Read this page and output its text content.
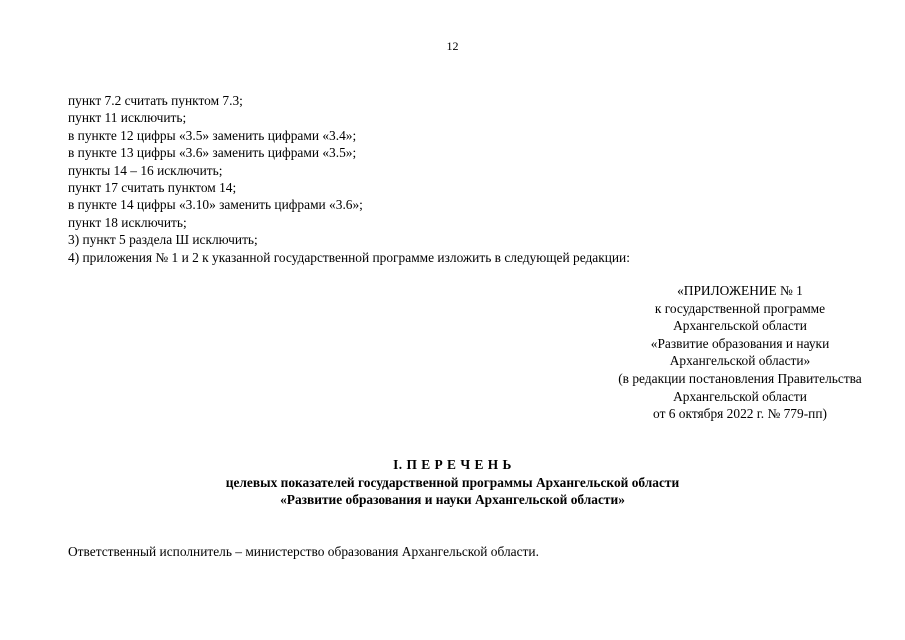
12
пункт 7.2 считать пунктом 7.3;
пункт 11 исключить;
в пункте 12 цифры «3.5» заменить цифрами «3.4»;
в пункте 13 цифры «3.6» заменить цифрами «3.5»;
пункты 14 – 16 исключить;
пункт 17 считать пунктом 14;
в пункте 14 цифры «3.10» заменить цифрами «3.6»;
пункт 18 исключить;
3) пункт 5 раздела Ш исключить;
4) приложения № 1 и 2 к указанной государственной программе изложить в следующей редакции:
«ПРИЛОЖЕНИЕ № 1
к государственной программе
Архангельской области
«Развитие образования и науки
Архангельской области»
(в редакции постановления Правительства
Архангельской области
от 6 октября 2022 г. № 779-пп)
I. П Е Р Е Ч Е Н Ь
целевых показателей государственной программы Архангельской области
«Развитие образования и науки Архангельской области»
Ответственный исполнитель – министерство образования Архангельской области.
